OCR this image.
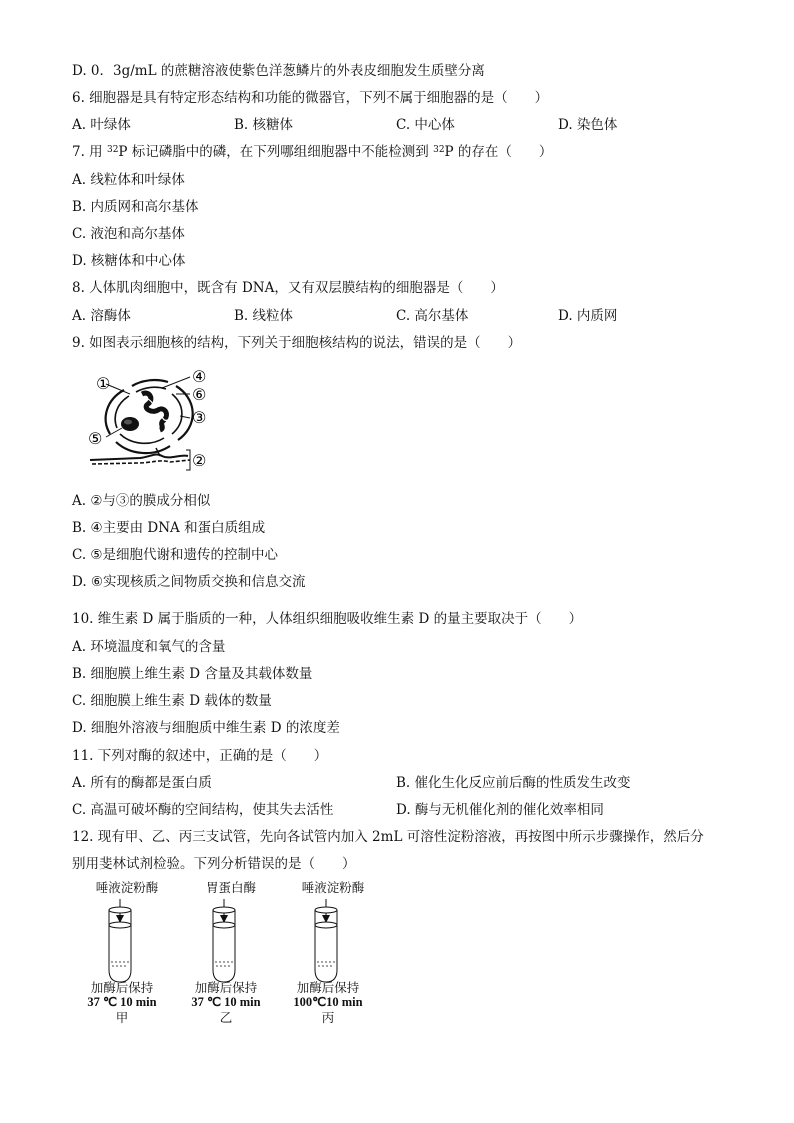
D. 0．3g/mL 的蔗糖溶液使紫色洋葱鳞片的外表皮细胞发生质壁分离
6. 细胞器是具有特定形态结构和功能的微器官，下列不属于细胞器的是（　　）
A. 叶绿体	B. 核糖体	C. 中心体	D. 染色体
7. 用 $^{32}$P 标记磷脂中的磷，在下列哪组细胞器中不能检测到 $^{32}$P 的存在（　　）
A. 线粒体和叶绿体
B. 内质网和高尔基体
C. 液泡和高尔基体
D. 核糖体和中心体
8. 人体肌肉细胞中，既含有 DNA，又有双层膜结构的细胞器是（　　）
A. 溶酶体	B. 线粒体	C. 高尔基体	D. 内质网
9. 如图表示细胞核的结构，下列关于细胞核结构的说法，错误的是（　　）
①	④
⑥
③
⑤
②
A. ②与③的膜成分相似
B. ④主要由 DNA 和蛋白质组成
C. ⑤是细胞代谢和遗传的控制中心
D. ⑥实现核质之间物质交换和信息交流
10. 维生素 D 属于脂质的一种，人体组织细胞吸收维生素 D 的量主要取决于（　　）
A. 环境温度和氧气的含量
B. 细胞膜上维生素 D 含量及其载体数量
C. 细胞膜上维生素 D 载体的数量
D. 细胞外溶液与细胞质中维生素 D 的浓度差
11. 下列对酶的叙述中，正确的是（　　）
A. 所有的酶都是蛋白质	B. 催化生化反应前后酶的性质发生改变
C. 高温可破坏酶的空间结构，使其失去活性	D. 酶与无机催化剂的催化效率相同
12. 现有甲、乙、丙三支试管，先向各试管内加入 2mL 可溶性淀粉溶液，再按图中所示步骤操作，然后分
别用斐林试剂检验。下列分析错误的是（　　）
唾液淀粉酶	胃蛋白酶	唾液淀粉酶
加酶后保持
37 ℃ 10 min
甲
加酶后保持
37 ℃ 10 min
乙
加酶后保持
100℃10 min
丙
